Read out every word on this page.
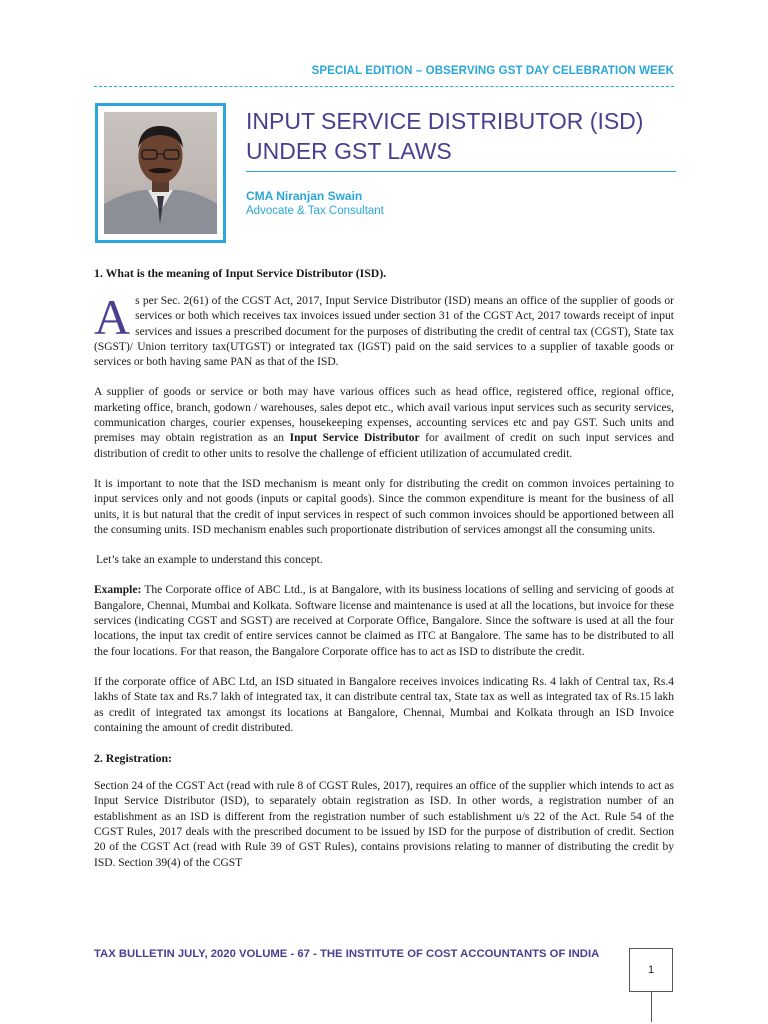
SPECIAL EDITION – OBSERVING GST DAY CELEBRATION WEEK
INPUT SERVICE DISTRIBUTOR (ISD)
UNDER GST LAWS
CMA Niranjan Swain
Advocate & Tax Consultant
1. What is the meaning of Input Service Distributor (ISD).

As per Sec. 2(61) of the CGST Act, 2017, Input Service Distributor (ISD) means an office of the supplier of goods or services or both which receives tax invoices issued under section 31 of the CGST Act, 2017 towards receipt of input services and issues a prescribed document for the purposes of distributing the credit of central tax (CGST), State tax (SGST)/ Union territory tax(UTGST) or integrated tax (IGST) paid on the said services to a supplier of taxable goods or services or both having same PAN as that of the ISD.

A supplier of goods or service or both may have various offices such as head office, registered office, regional office, marketing office, branch, godown / warehouses, sales depot etc., which avail various input services such as security services, communication charges, courier expenses, housekeeping expenses, accounting services etc and pay GST. Such units and premises may obtain registration as an Input Service Distributor for availment of credit on such input services and distribution of credit to other units to resolve the challenge of efficient utilization of accumulated credit.

It is important to note that the ISD mechanism is meant only for distributing the credit on common invoices pertaining to input services only and not goods (inputs or capital goods). Since the common expenditure is meant for the business of all units, it is but natural that the credit of input services in respect of such common invoices should be apportioned between all the consuming units. ISD mechanism enables such proportionate distribution of services amongst all the consuming units.

Let’s take an example to understand this concept.

Example: The Corporate office of ABC Ltd., is at Bangalore, with its business locations of selling and servicing of goods at Bangalore, Chennai, Mumbai and Kolkata. Software license and maintenance is used at all the locations, but invoice for these services (indicating CGST and SGST) are received at Corporate Office, Bangalore. Since the software is used at all the four locations, the input tax credit of entire services cannot be claimed as ITC at Bangalore. The same has to be distributed to all the four locations. For that reason, the Bangalore Corporate office has to act as ISD to distribute the credit.

If the corporate office of ABC Ltd, an ISD situated in Bangalore receives invoices indicating Rs. 4 lakh of Central tax, Rs.4 lakhs of State tax and Rs.7 lakh of integrated tax, it can distribute central tax, State tax as well as integrated tax of Rs.15 lakh as credit of integrated tax amongst its locations at Bangalore, Chennai, Mumbai and Kolkata through an ISD Invoice containing the amount of credit distributed.

2. Registration:

Section 24 of the CGST Act (read with rule 8 of CGST Rules, 2017), requires an office of the supplier which intends to act as Input Service Distributor (ISD), to separately obtain registration as ISD. In other words, a registration number of an establishment as an ISD is different from the registration number of such establishment u/s 22 of the Act. Rule 54 of the CGST Rules, 2017 deals with the prescribed document to be issued by ISD for the purpose of distribution of credit. Section 20 of the CGST Act (read with Rule 39 of GST Rules), contains provisions relating to manner of distributing the credit by ISD. Section 39(4) of the CGST

TAX BULLETIN JULY, 2020 VOLUME - 67 - THE INSTITUTE OF COST ACCOUNTANTS OF INDIA
1
